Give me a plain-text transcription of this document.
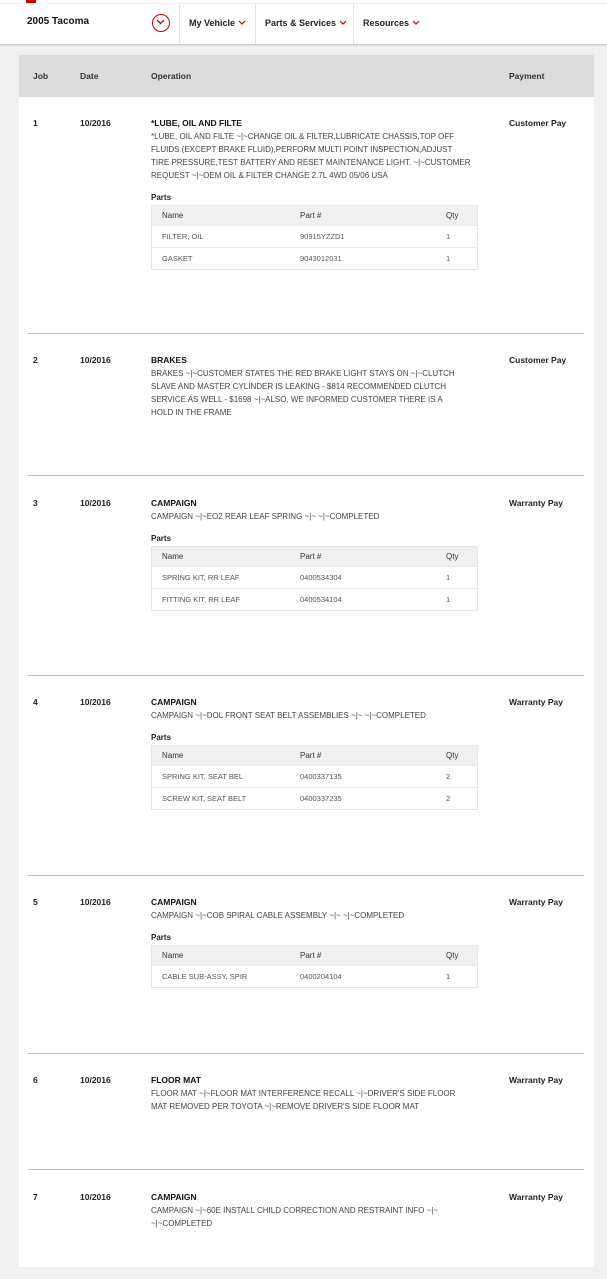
2005 Tacoma	My Vehicle	Parts & Services	Resources
Job	Date	Operation	Payment
1	10/2016	*LUBE, OIL AND FILTE	Customer Pay
*LUBE, OIL AND FILTE ~|~CHANGE OIL & FILTER,LUBRICATE CHASSIS,TOP OFF
FLUIDS (EXCEPT BRAKE FLUID),PERFORM MULTI POINT INSPECTION,ADJUST
TIRE PRESSURE,TEST BATTERY AND RESET MAINTENANCE LIGHT. ~|~CUSTOMER
REQUEST ~|~OEM OIL & FILTER CHANGE 2.7L 4WD 05/06 USA
Parts
Name	Part #	Qty
FILTER, OIL	90915YZZD1	1
GASKET	9043012031	1
2	10/2016	BRAKES	Customer Pay
BRAKES ~|~CUSTOMER STATES THE RED BRAKE LIGHT STAYS ON ~|~CLUTCH
SLAVE AND MASTER CYLINDER IS LEAKING - $814 RECOMMENDED CLUTCH
SERVICE AS WELL - $1698 ~|~ALSO, WE INFORMED CUSTOMER THERE IS A
HOLD IN THE FRAME
3	10/2016	CAMPAIGN	Warranty Pay
CAMPAIGN ~|~EO2 REAR LEAF SPRING ~|~ ~|~COMPLETED
Parts
Name	Part #	Qty
SPRING KIT, RR LEAF	0400534304	1
FITTING KIT, RR LEAF	0400534104	1
4	10/2016	CAMPAIGN	Warranty Pay
CAMPAIGN ~|~DOL FRONT SEAT BELT ASSEMBLIES ~|~ ~|~COMPLETED
Parts
Name	Part #	Qty
SPRING KIT, SEAT BEL	0400337135	2
SCREW KIT, SEAT BELT	0400337235	2
5	10/2016	CAMPAIGN	Warranty Pay
CAMPAIGN ~|~COB SPIRAL CABLE ASSEMBLY ~|~ ~|~COMPLETED
Parts
Name	Part #	Qty
CABLE SUB-ASSY, SPIR	0400204104	1
6	10/2016	FLOOR MAT	Warranty Pay
FLOOR MAT ~|~FLOOR MAT INTERFERENCE RECALL ~|~DRIVER'S SIDE FLOOR
MAT REMOVED PER TOYOTA ~|~REMOVE DRIVER'S SIDE FLOOR MAT
7	10/2016	CAMPAIGN	Warranty Pay
CAMPAIGN ~|~60E INSTALL CHILD CORRECTION AND RESTRAINT INFO ~|~
~|~COMPLETED
